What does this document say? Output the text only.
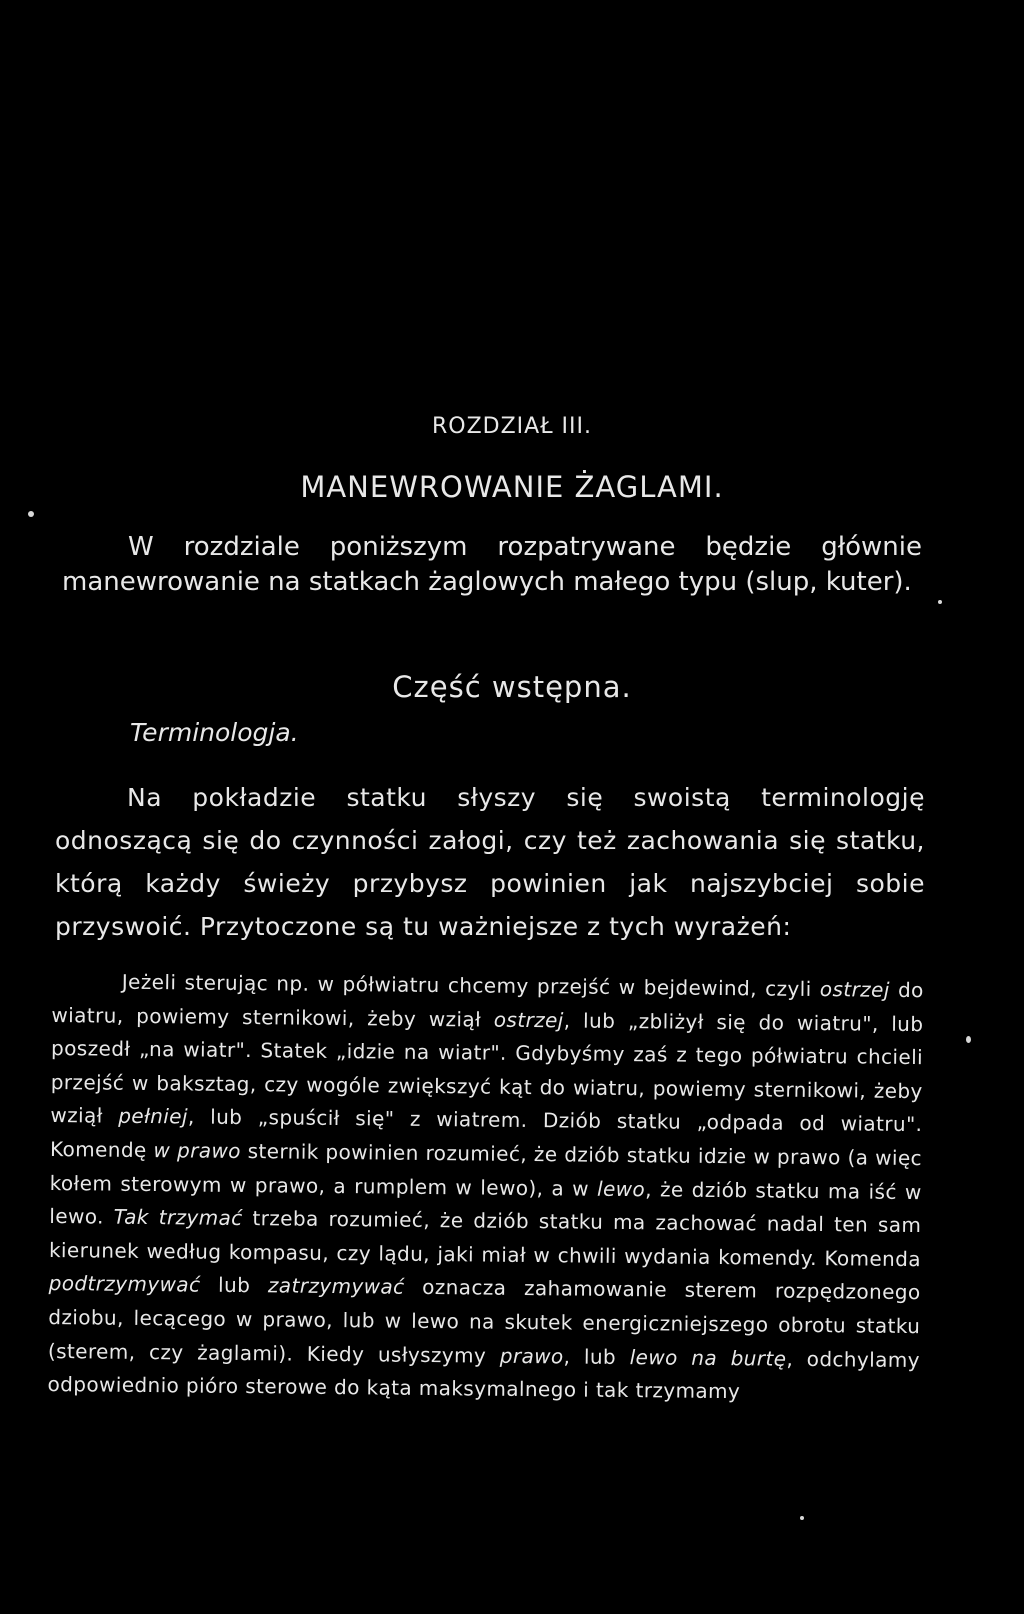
ROZDZIAŁ III.
MANEWROWANIE ŻAGLAMI.

W rozdziale poniższym rozpatrywane będzie głównie manewrowanie na statkach żaglowych małego typu (slup, kuter).

Część wstępna.
Terminologja.

Na pokładzie statku słyszy się swoistą terminologję odnoszącą się do czynności załogi, czy też zachowania się statku, którą każdy świeży przybysz powinien jak najszybciej sobie przyswoić. Przytoczone są tu ważniejsze z tych wyrażeń:

Jeżeli sterując np. w półwiatru chcemy przejść w bejdewind, czyli ostrzej do wiatru, powiemy sternikowi, żeby wziął ostrzej, lub „zbliżył się do wiatru", lub poszedł „na wiatr". Statek „idzie na wiatr". Gdybyśmy zaś z tego półwiatru chcieli przejść w baksztag, czy wogóle zwiększyć kąt do wiatru, powiemy sternikowi, żeby wziął pełniej, lub „spuścił się" z wiatrem. Dziób statku „odpada od wiatru". Komendę w prawo sternik powinien rozumieć, że dziób statku idzie w prawo (a więc kołem sterowym w prawo, a rumplem w lewo), a w lewo, że dziób statku ma iść w lewo. Tak trzymać trzeba rozumieć, że dziób statku ma zachować nadal ten sam kierunek według kompasu, czy lądu, jaki miał w chwili wydania komendy. Komenda podtrzymywać lub zatrzymywać oznacza zahamowanie sterem rozpędzonego dziobu, lecącego w prawo, lub w lewo na skutek energiczniejszego obrotu statku (sterem, czy żaglami). Kiedy usłyszymy prawo, lub lewo na burtę, odchylamy odpowiednio pióro sterowe do kąta maksymalnego i tak trzymamy
